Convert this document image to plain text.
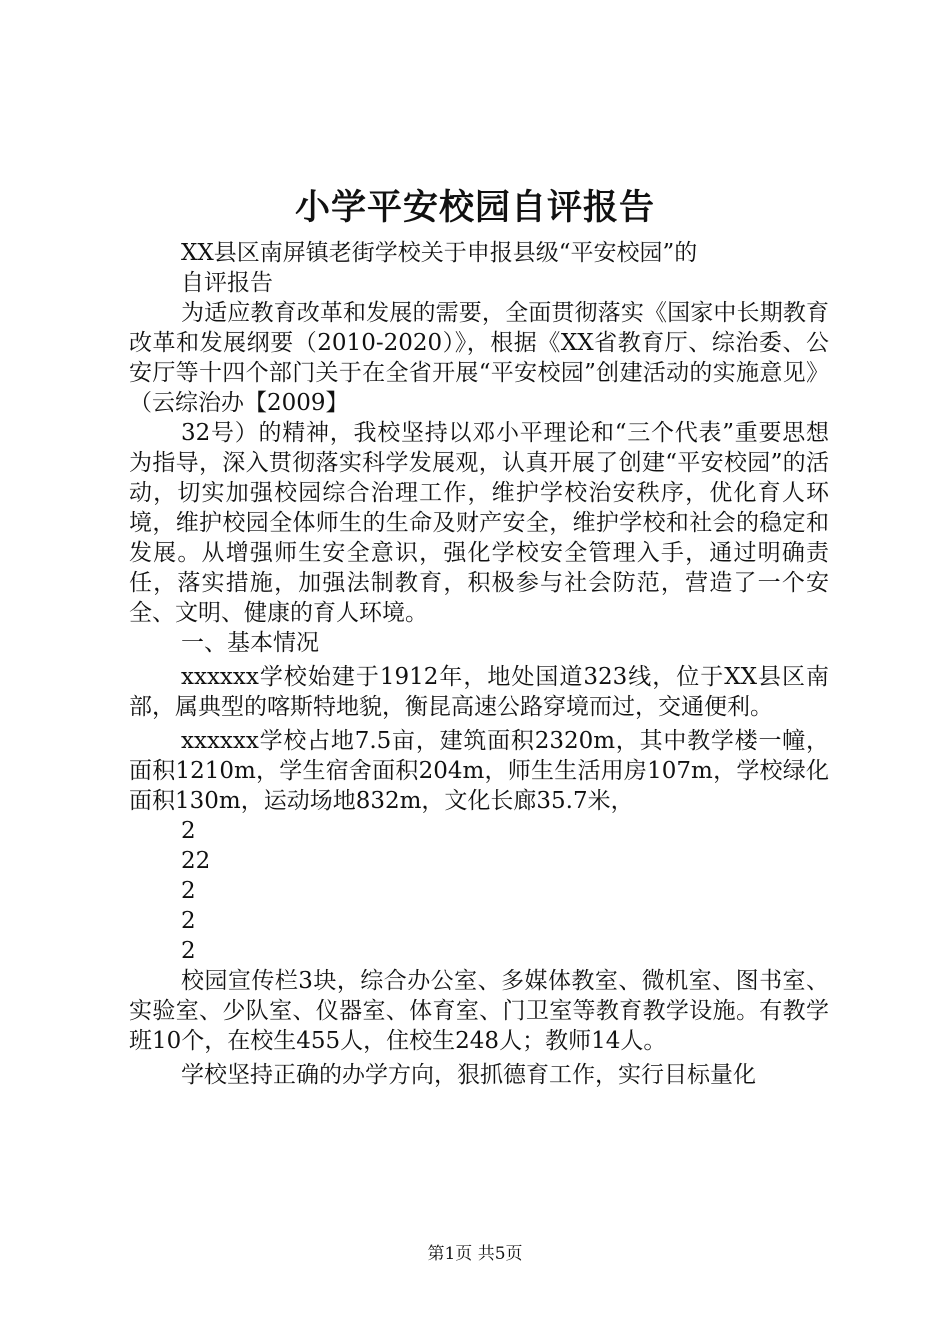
小学平安校园自评报告

XX县区南屏镇老街学校关于申报县级“平安校园”的

自评报告

为适应教育改革和发展的需要，全面贯彻落实《国家中长期教育改革和发展纲要（2010-2020）》，根据《XX省教育厅、综治委、公安厅等十四个部门关于在全省开展“平安校园”创建活动的实施意见》（云综治办【2009】

32号）的精神，我校坚持以邓小平理论和“三个代表”重要思想为指导，深入贯彻落实科学发展观，认真开展了创建“平安校园”的活动，切实加强校园综合治理工作，维护学校治安秩序，优化育人环境，维护校园全体师生的生命及财产安全，维护学校和社会的稳定和发展。从增强师生安全意识，强化学校安全管理入手，通过明确责任，落实措施，加强法制教育，积极参与社会防范，营造了一个安全、文明、健康的育人环境。

一、基本情况

xxxxxx学校始建于1912年，地处国道323线，位于XX县区南部，属典型的喀斯特地貌，衡昆高速公路穿境而过，交通便利。

xxxxxx学校占地7.5亩，建筑面积2320m，其中教学楼一幢，面积1210m，学生宿舍面积204m，师生生活用房107m，学校绿化面积130m，运动场地832m，文化长廊35.7米，

2

22

2

2

2

校园宣传栏3块，综合办公室、多媒体教室、微机室、图书室、实验室、少队室、仪器室、体育室、门卫室等教育教学设施。有教学班10个，在校生455人，住校生248人；教师14人。

学校坚持正确的办学方向，狠抓德育工作，实行目标量化

第1页 共5页
